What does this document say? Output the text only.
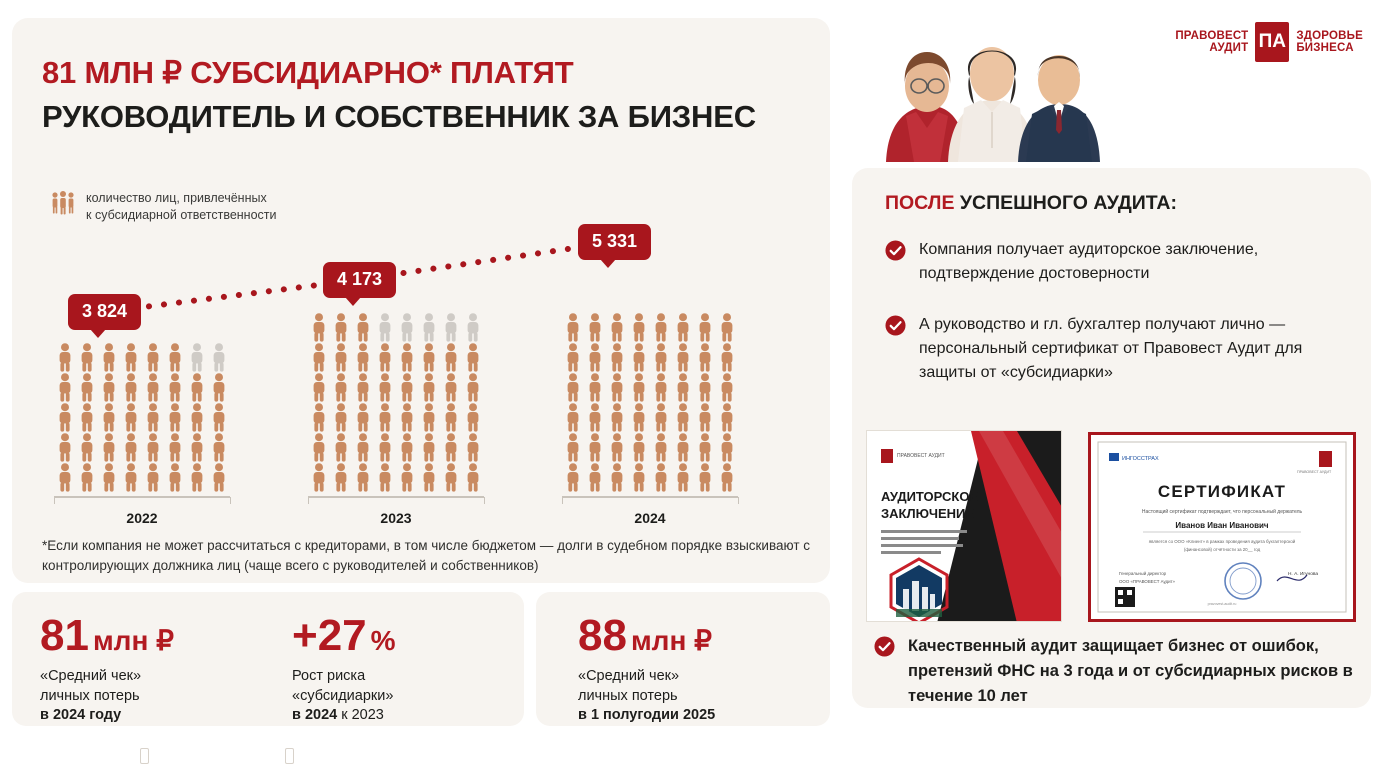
81 МЛН ₽ СУБСИДИАРНО* ПЛАТЯТ
РУКОВОДИТЕЛЬ И СОБСТВЕННИК ЗА БИЗНЕС
количество лиц, привлечённых
к субсидиарной ответственности
2022
3 824
2023
4 173
2024
5 331
*Если компания не может рассчитаться с кредиторами, в том числе бюджетом — долги в судебном порядке взыскивают с контролирующих должника лиц (чаще всего с руководителей и собственников)
81 млн ₽
«Средний чек»
личных потерь
в 2024 году
+27 %
Рост риска
«субсидиарки»
в 2024 к 2023
88 млн ₽
«Средний чек»
личных потерь
в 1 полугодии 2025
ПРАВОВЕСТ
АУДИТ ПА ЗДОРОВЬЕ
БИЗНЕСА
ПОСЛЕ УСПЕШНОГО АУДИТА:
Компания получает аудиторское заключение, подтверждение достоверности
А руководство и гл. бухгалтер получают лично — персональный сертификат от Правовест Аудит для защиты от «субсидиарки»
ПРАВОВЕСТ АУДИТ
АУДИТОРСКОЕ
ЗАКЛЮЧЕНИЕ
ИНГОССТРАХ
ПРАВОВЕСТ АУДИТ
СЕРТИФИКАТ
Настоящий сертификат подтверждает, что персональный держатель
Иванов Иван Иванович
является со ООО «Клиент» в рамках проведения аудита бухгалтерской
(финансовой) отчётности за 20__ год
Генеральный директор
ООО «ПРАВОВЕСТ Аудит»
Н. А. Игунова
pravovest-audit.ru
Качественный аудит защищает бизнес от ошибок, претензий ФНС на 3 года и от субсидиарных рисков в течение 10 лет
